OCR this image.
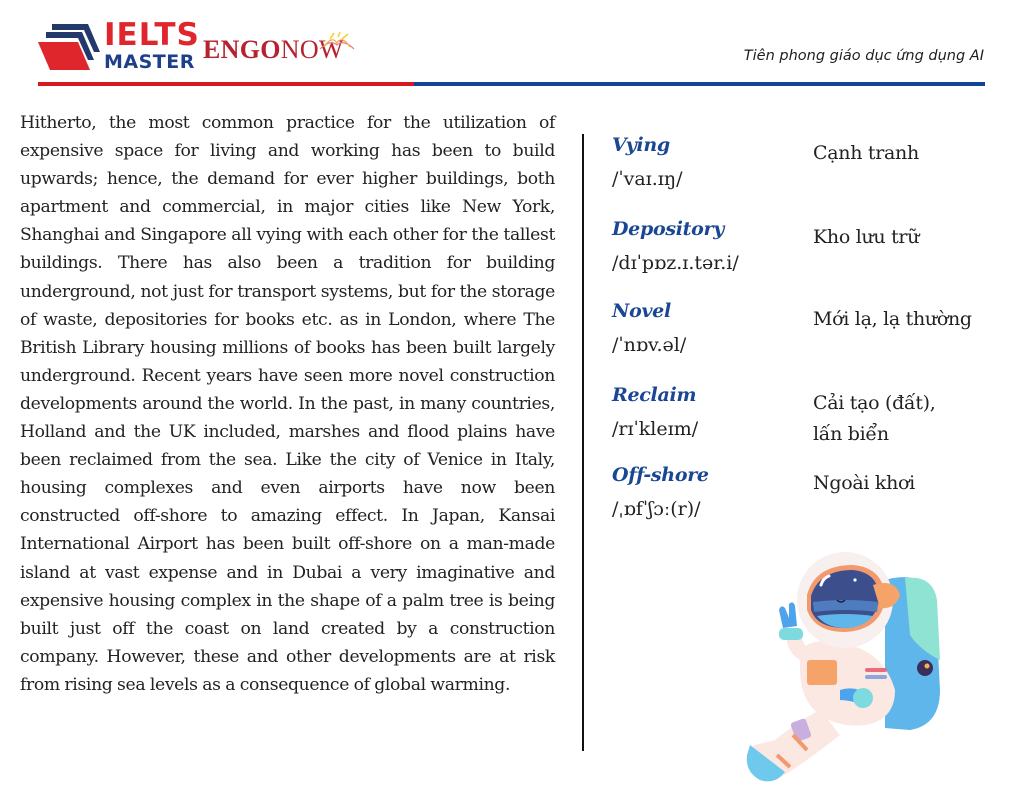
IELTS
MASTER ENGONOW	Tiên phong giáo dục ứng dụng AI
Hitherto, the most common practice for the utilization of expensive space for living and working has been to build upwards; hence, the demand for ever higher buildings, both apartment and commercial, in major cities like New York, Shanghai and Singapore all vying with each other for the tallest buildings. There has also been a tradition for building underground, not just for transport systems, but for the storage of waste, depositories for books etc. as in London, where The British Library housing millions of books has been built largely underground. Recent years have seen more novel construction developments around the world. In the past, in many countries, Holland and the UK included, marshes and flood plains have been reclaimed from the sea. Like the city of Venice in Italy, housing complexes and even airports have now been constructed off-shore to amazing effect. In Japan, Kansai International Airport has been built off-shore on a man-made island at vast expense and in Dubai a very imaginative and expensive housing complex in the shape of a palm tree is being built just off the coast on land created by a construction company. However, these and other developments are at risk from rising sea levels as a consequence of global warming.
Vying
/ˈvaɪ.ɪŋ/
Cạnh tranh
Depository
/dɪˈpɒz.ɪ.tər.i/
Kho lưu trữ
Novel
/ˈnɒv.əl/
Mới lạ, lạ thường
Reclaim
/rɪˈkleɪm/
Cải tạo (đất),
lấn biển
Off-shore
/ˌɒfˈʃɔː(r)/
Ngoài khơi
